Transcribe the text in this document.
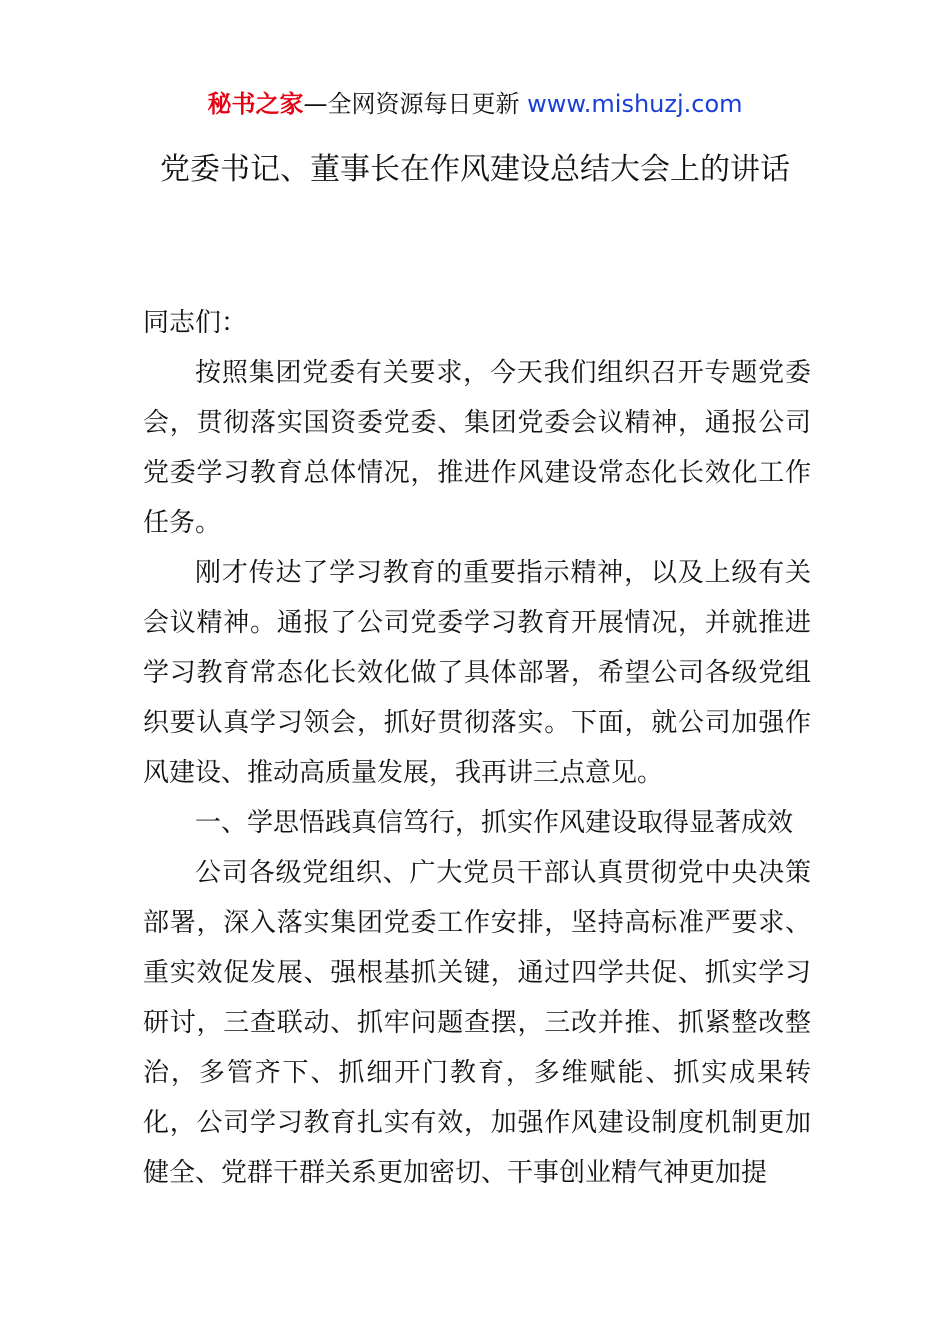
秘书之家—全网资源每日更新 www.mishuzj.com
党委书记、董事长在作风建设总结大会上的讲话

同志们：

按照集团党委有关要求，今天我们组织召开专题党委会，贯彻落实国资委党委、集团党委会议精神，通报公司党委学习教育总体情况，推进作风建设常态化长效化工作任务。

刚才传达了学习教育的重要指示精神，以及上级有关会议精神。通报了公司党委学习教育开展情况，并就推进学习教育常态化长效化做了具体部署，希望公司各级党组织要认真学习领会，抓好贯彻落实。下面，就公司加强作风建设、推动高质量发展，我再讲三点意见。

一、学思悟践真信笃行，抓实作风建设取得显著成效

公司各级党组织、广大党员干部认真贯彻党中央决策部署，深入落实集团党委工作安排，坚持高标准严要求、重实效促发展、强根基抓关键，通过四学共促、抓实学习研讨，三查联动、抓牢问题查摆，三改并推、抓紧整改整治，多管齐下、抓细开门教育，多维赋能、抓实成果转化，公司学习教育扎实有效，加强作风建设制度机制更加健全、党群干群关系更加密切、干事创业精气神更加提
